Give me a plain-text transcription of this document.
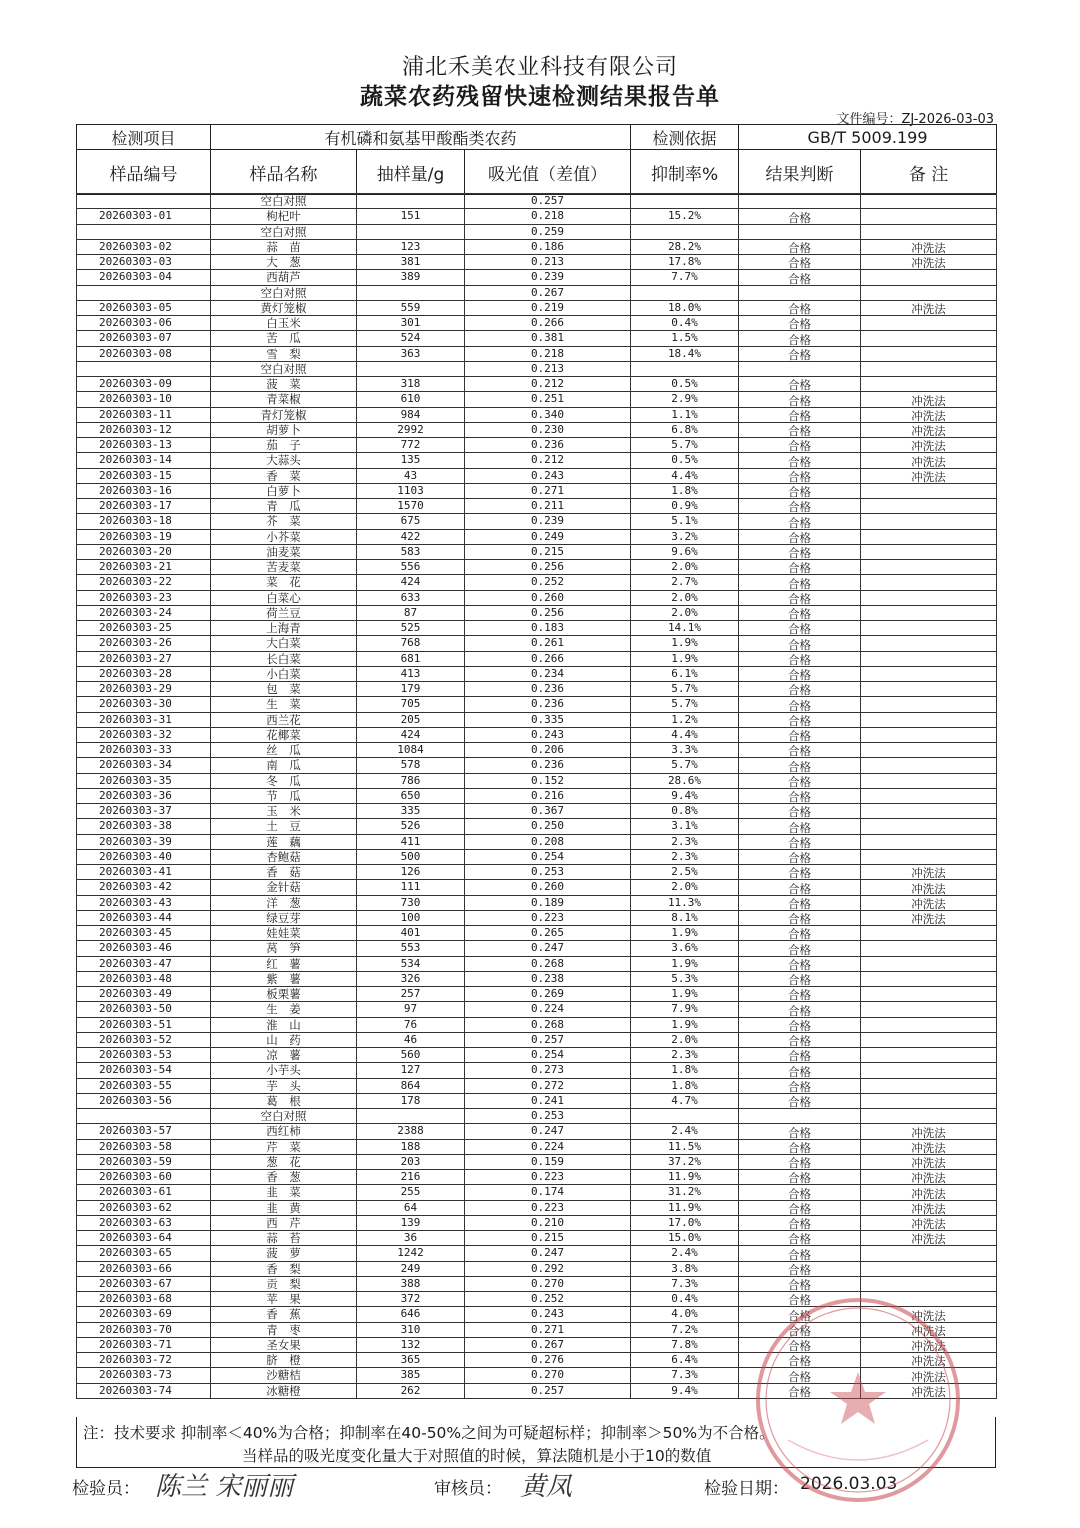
浦北禾美农业科技有限公司
蔬菜农药残留快速检测结果报告单
文件编号：ZJ-2026-03-03
检测项目	有机磷和氨基甲酸酯类农药			检测依据	GB/T 5009.199	
样品编号	样品名称	抽样量/g	吸光值（差值）	抑制率%	结果判断	备 注
	空白对照		0.257			
20260303-01	枸杞叶	151	0.218	15.2%	合格	
	空白对照		0.259			
20260303-02	蒜　苗	123	0.186	28.2%	合格	冲洗法
20260303-03	大　葱	381	0.213	17.8%	合格	冲洗法
20260303-04	西葫芦	389	0.239	7.7%	合格	
	空白对照		0.267			
20260303-05	黄灯笼椒	559	0.219	18.0%	合格	冲洗法
20260303-06	白玉米	301	0.266	0.4%	合格	
20260303-07	苦　瓜	524	0.381	1.5%	合格	
20260303-08	雪　梨	363	0.218	18.4%	合格	
	空白对照		0.213			
20260303-09	菠　菜	318	0.212	0.5%	合格	
20260303-10	青菜椒	610	0.251	2.9%	合格	冲洗法
20260303-11	青灯笼椒	984	0.340	1.1%	合格	冲洗法
20260303-12	胡萝卜	2992	0.230	6.8%	合格	冲洗法
20260303-13	茄　子	772	0.236	5.7%	合格	冲洗法
20260303-14	大蒜头	135	0.212	0.5%	合格	冲洗法
20260303-15	香　菜	43	0.243	4.4%	合格	冲洗法
20260303-16	白萝卜	1103	0.271	1.8%	合格	
20260303-17	青　瓜	1570	0.211	0.9%	合格	
20260303-18	芥　菜	675	0.239	5.1%	合格	
20260303-19	小芥菜	422	0.249	3.2%	合格	
20260303-20	油麦菜	583	0.215	9.6%	合格	
20260303-21	苦麦菜	556	0.256	2.0%	合格	
20260303-22	菜　花	424	0.252	2.7%	合格	
20260303-23	白菜心	633	0.260	2.0%	合格	
20260303-24	荷兰豆	87	0.256	2.0%	合格	
20260303-25	上海青	525	0.183	14.1%	合格	
20260303-26	大白菜	768	0.261	1.9%	合格	
20260303-27	长白菜	681	0.266	1.9%	合格	
20260303-28	小白菜	413	0.234	6.1%	合格	
20260303-29	包　菜	179	0.236	5.7%	合格	
20260303-30	生　菜	705	0.236	5.7%	合格	
20260303-31	西兰花	205	0.335	1.2%	合格	
20260303-32	花椰菜	424	0.243	4.4%	合格	
20260303-33	丝　瓜	1084	0.206	3.3%	合格	
20260303-34	南　瓜	578	0.236	5.7%	合格	
20260303-35	冬　瓜	786	0.152	28.6%	合格	
20260303-36	节　瓜	650	0.216	9.4%	合格	
20260303-37	玉　米	335	0.367	0.8%	合格	
20260303-38	土　豆	526	0.250	3.1%	合格	
20260303-39	莲　藕	411	0.208	2.3%	合格	
20260303-40	杏鲍菇	500	0.254	2.3%	合格	
20260303-41	香　菇	126	0.253	2.5%	合格	冲洗法
20260303-42	金针菇	111	0.260	2.0%	合格	冲洗法
20260303-43	洋　葱	730	0.189	11.3%	合格	冲洗法
20260303-44	绿豆芽	100	0.223	8.1%	合格	冲洗法
20260303-45	娃娃菜	401	0.265	1.9%	合格	
20260303-46	莴　笋	553	0.247	3.6%	合格	
20260303-47	红　薯	534	0.268	1.9%	合格	
20260303-48	紫　薯	326	0.238	5.3%	合格	
20260303-49	板栗薯	257	0.269	1.9%	合格	
20260303-50	生　姜	97	0.224	7.9%	合格	
20260303-51	淮　山	76	0.268	1.9%	合格	
20260303-52	山　药	46	0.257	2.0%	合格	
20260303-53	凉　薯	560	0.254	2.3%	合格	
20260303-54	小芋头	127	0.273	1.8%	合格	
20260303-55	芋　头	864	0.272	1.8%	合格	
20260303-56	葛　根	178	0.241	4.7%	合格	
	空白对照		0.253			
20260303-57	西红柿	2388	0.247	2.4%	合格	冲洗法
20260303-58	芹　菜	188	0.224	11.5%	合格	冲洗法
20260303-59	葱　花	203	0.159	37.2%	合格	冲洗法
20260303-60	香　葱	216	0.223	11.9%	合格	冲洗法
20260303-61	韭　菜	255	0.174	31.2%	合格	冲洗法
20260303-62	韭　黄	64	0.223	11.9%	合格	冲洗法
20260303-63	西　芹	139	0.210	17.0%	合格	冲洗法
20260303-64	蒜　苔	36	0.215	15.0%	合格	冲洗法
20260303-65	菠　萝	1242	0.247	2.4%	合格	
20260303-66	香　梨	249	0.292	3.8%	合格	
20260303-67	贡　梨	388	0.270	7.3%	合格	
20260303-68	苹　果	372	0.252	0.4%	合格	
20260303-69	香　蕉	646	0.243	4.0%	合格	冲洗法
20260303-70	青　枣	310	0.271	7.2%	合格	冲洗法
20260303-71	圣女果	132	0.267	7.8%	合格	冲洗法
20260303-72	脐　橙	365	0.276	6.4%	合格	冲洗法
20260303-73	沙糖桔	385	0.270	7.3%	合格	冲洗法
20260303-74	冰糖橙	262	0.257	9.4%	合格	冲洗法
注：技术要求 抑制率＜40%为合格；抑制率在40-50%之间为可疑超标样；抑制率＞50%为不合格。
当样品的吸光度变化量大于对照值的时候，算法随机是小于10的数值
检验员： 陈兰 宋丽丽	审核员： 黄凤	检验日期： 2026.03.03
